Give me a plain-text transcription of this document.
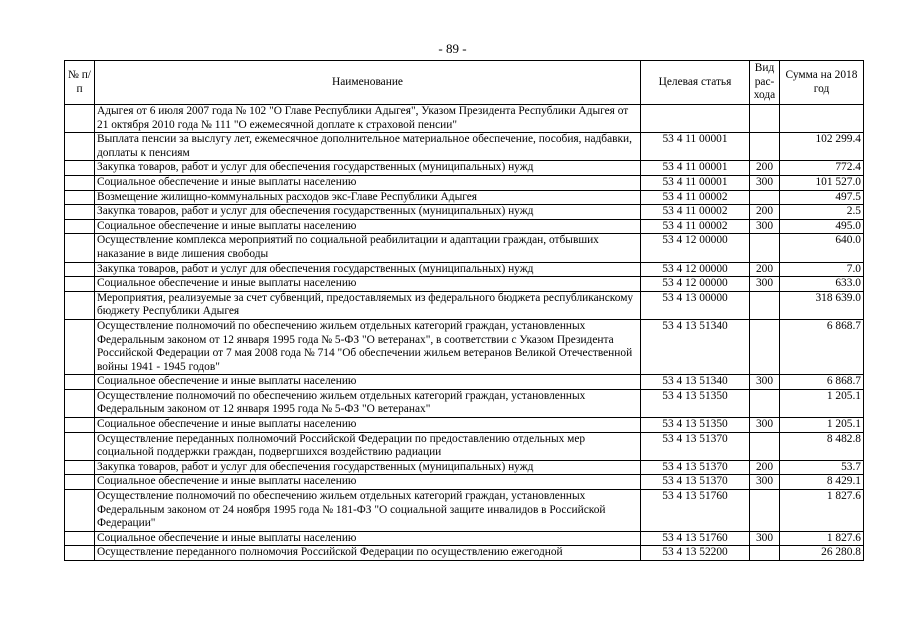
- 89 -
№ п/п	Наименование	Целевая статья	Вид рас- хода	Сумма на 2018 год
	Адыгея от 6 июля 2007 года № 102 "О Главе Республики Адыгея", Указом Президента Республики Адыгея от 21 октября 2010 года № 111 "О ежемесячной доплате к страховой пенсии"			
	Выплата пенсии за выслугу лет, ежемесячное дополнительное материальное обеспечение, пособия, надбавки, доплаты к пенсиям	53 4 11 00001		102 299.4
	Закупка товаров, работ и услуг для обеспечения государственных (муниципальных) нужд	53 4 11 00001	200	772.4
	Социальное обеспечение и иные выплаты населению	53 4 11 00001	300	101 527.0
	Возмещение жилищно-коммунальных расходов экс-Главе Республики Адыгея	53 4 11 00002		497.5
	Закупка товаров, работ и услуг для обеспечения государственных (муниципальных) нужд	53 4 11 00002	200	2.5
	Социальное обеспечение и иные выплаты населению	53 4 11 00002	300	495.0
	Осуществление комплекса мероприятий по социальной реабилитации и адаптации граждан, отбывших наказание в виде лишения свободы	53 4 12 00000		640.0
	Закупка товаров, работ и услуг для обеспечения государственных (муниципальных) нужд	53 4 12 00000	200	7.0
	Социальное обеспечение и иные выплаты населению	53 4 12 00000	300	633.0
	Мероприятия, реализуемые за счет субвенций, предоставляемых из федерального бюджета республиканскому бюджету Республики Адыгея	53 4 13 00000		318 639.0
	Осуществление полномочий по обеспечению жильем отдельных категорий граждан, установленных Федеральным законом от 12 января 1995 года № 5-ФЗ "О ветеранах", в соответствии с Указом Президента Российской Федерации от 7 мая 2008 года № 714 "Об обеспечении жильем ветеранов Великой Отечественной войны 1941 - 1945 годов"	53 4 13 51340		6 868.7
	Социальное обеспечение и иные выплаты населению	53 4 13 51340	300	6 868.7
	Осуществление полномочий по обеспечению жильем отдельных категорий граждан, установленных Федеральным законом от 12 января 1995 года № 5-ФЗ "О ветеранах"	53 4 13 51350		1 205.1
	Социальное обеспечение и иные выплаты населению	53 4 13 51350	300	1 205.1
	Осуществление переданных полномочий Российской Федерации по предоставлению отдельных мер социальной поддержки граждан, подвергшихся воздействию радиации	53 4 13 51370		8 482.8
	Закупка товаров, работ и услуг для обеспечения государственных (муниципальных) нужд	53 4 13 51370	200	53.7
	Социальное обеспечение и иные выплаты населению	53 4 13 51370	300	8 429.1
	Осуществление полномочий по обеспечению жильем отдельных категорий граждан, установленных Федеральным законом от 24 ноября 1995 года № 181-ФЗ "О социальной защите инвалидов в Российской Федерации"	53 4 13 51760		1 827.6
	Социальное обеспечение и иные выплаты населению	53 4 13 51760	300	1 827.6
	Осуществление переданного полномочия Российской Федерации по осуществлению ежегодной	53 4 13 52200		26 280.8
